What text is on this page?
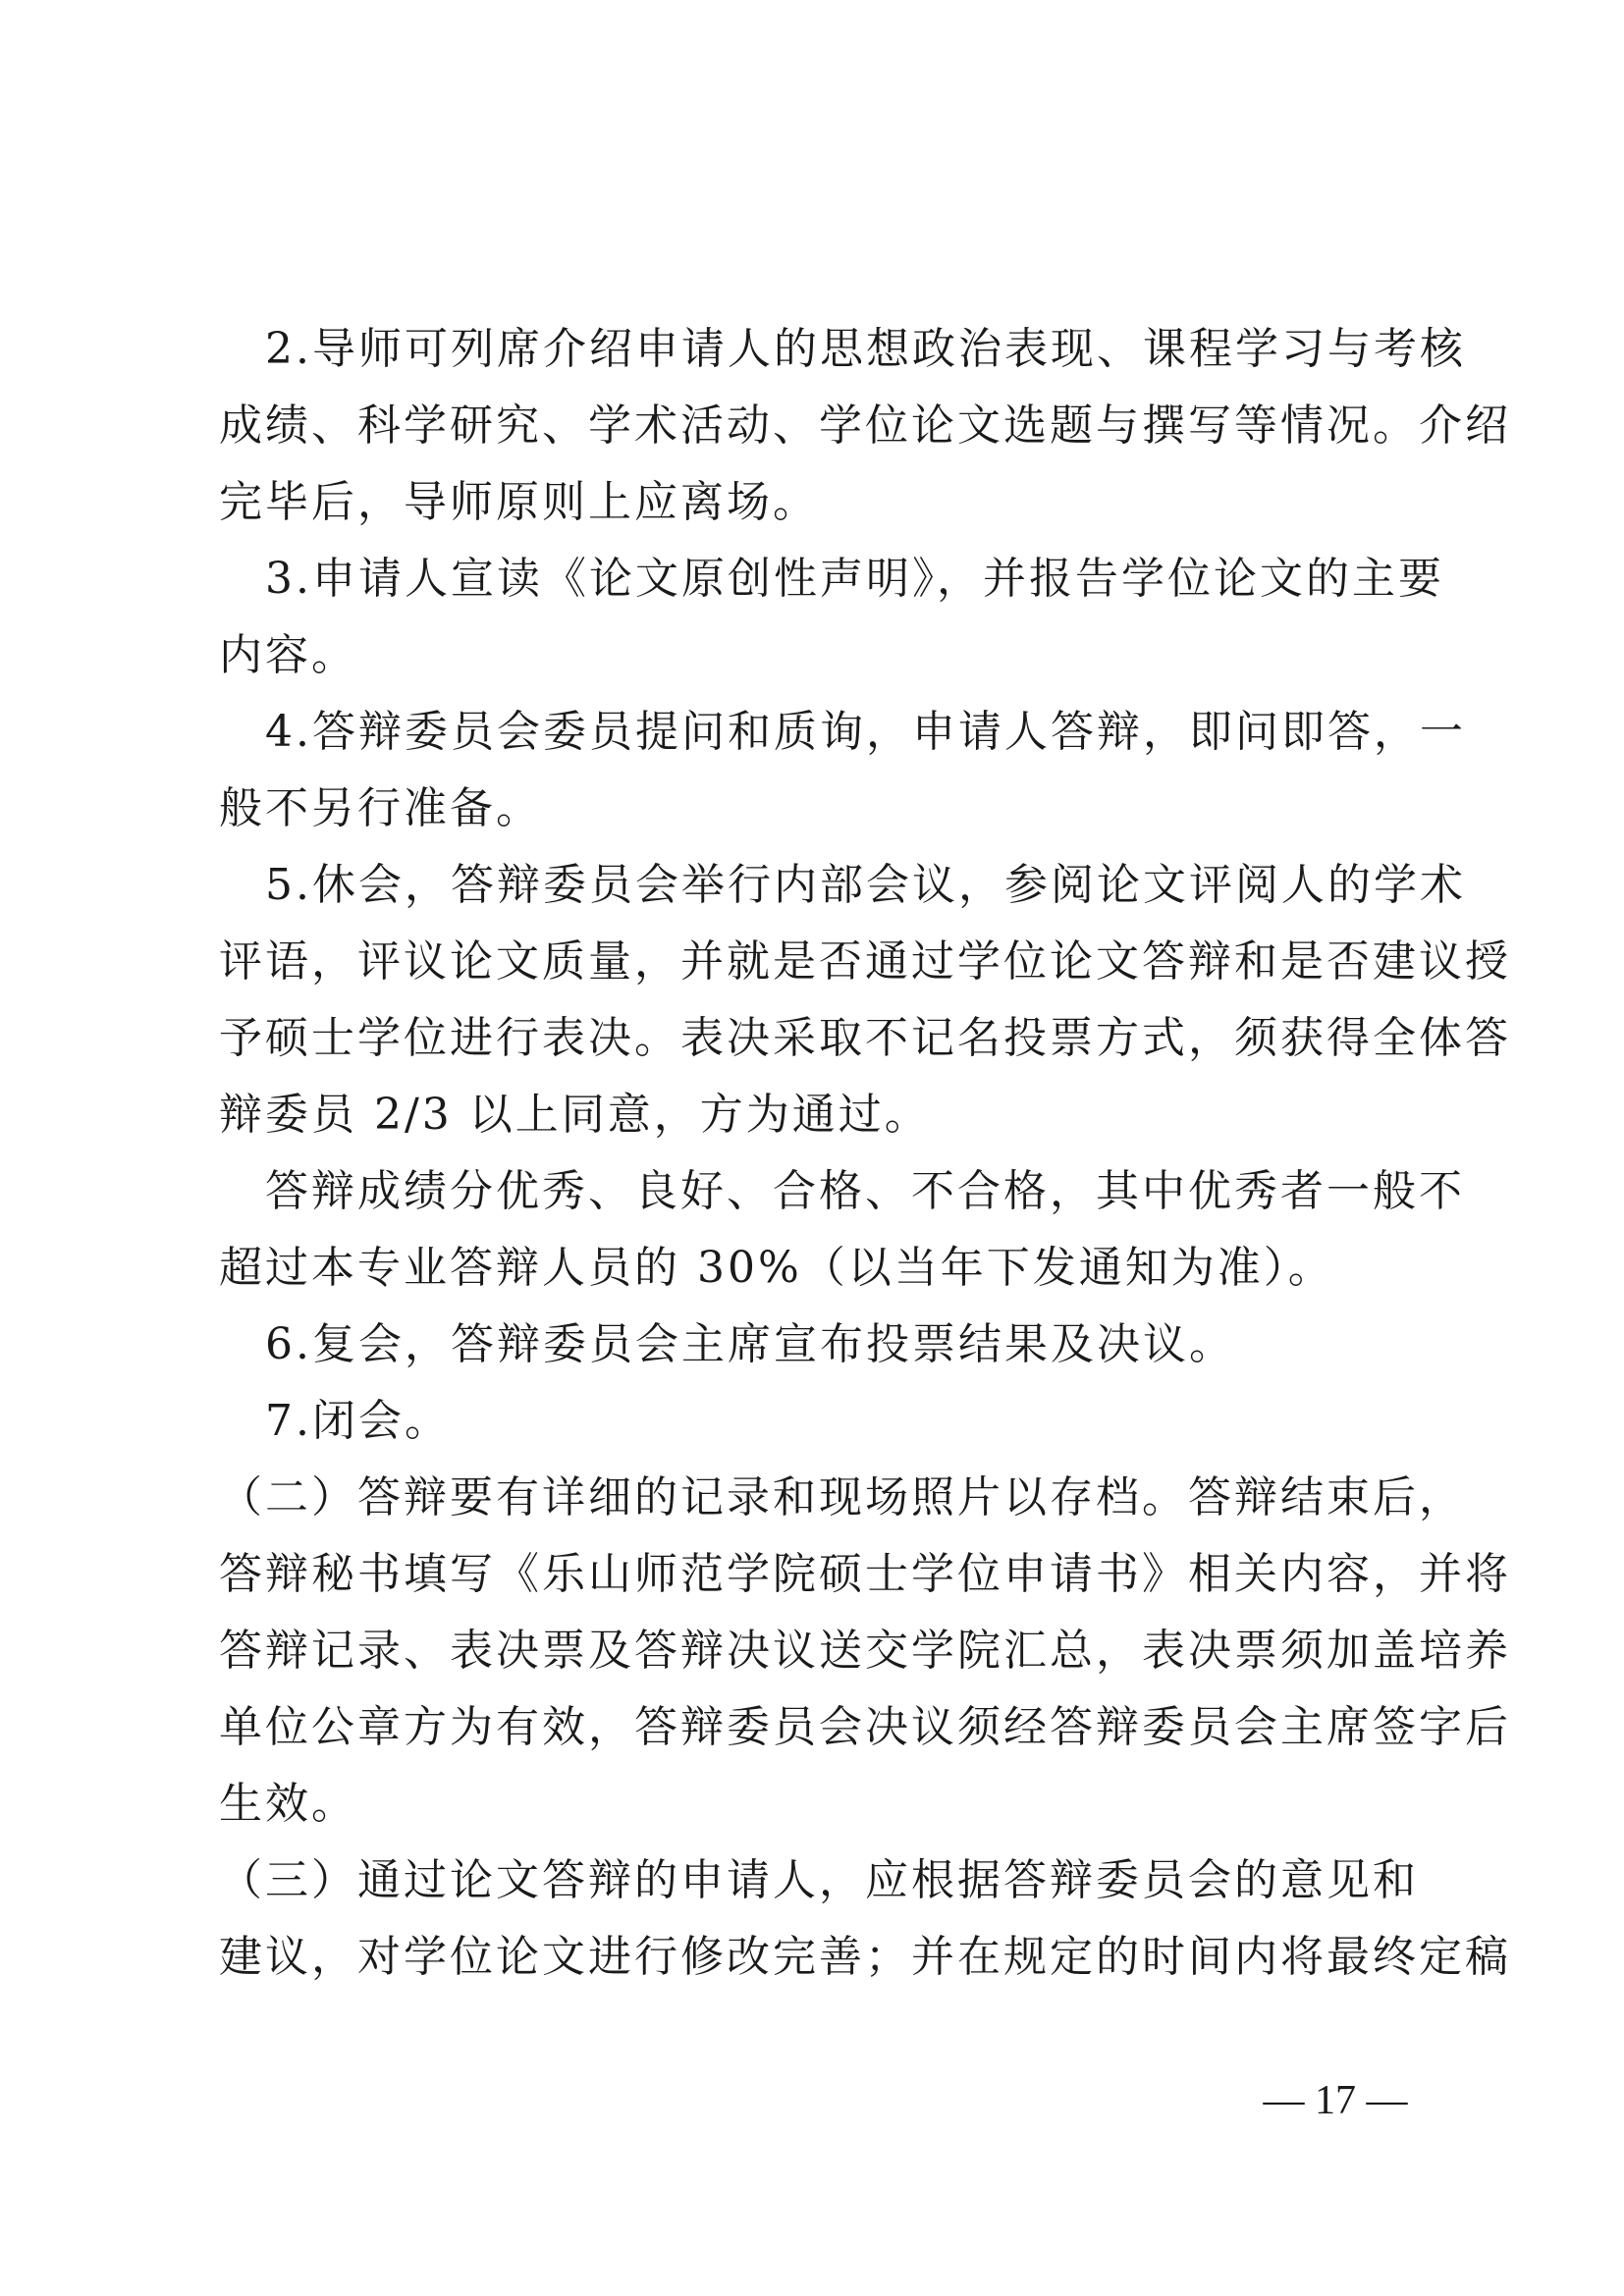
　2.导师可列席介绍申请人的思想政治表现、课程学习与考核
成绩、科学研究、学术活动、学位论文选题与撰写等情况。介绍
完毕后，导师原则上应离场。
　3.申请人宣读《论文原创性声明》，并报告学位论文的主要
内容。
　4.答辩委员会委员提问和质询，申请人答辩，即问即答，一
般不另行准备。
　5.休会，答辩委员会举行内部会议，参阅论文评阅人的学术
评语，评议论文质量，并就是否通过学位论文答辩和是否建议授
予硕士学位进行表决。表决采取不记名投票方式，须获得全体答
辩委员 2/3 以上同意，方为通过。
　答辩成绩分优秀、良好、合格、不合格，其中优秀者一般不
超过本专业答辩人员的 30%（以当年下发通知为准）。
　6.复会，答辩委员会主席宣布投票结果及决议。
　7.闭会。
（二）答辩要有详细的记录和现场照片以存档。答辩结束后，
答辩秘书填写《乐山师范学院硕士学位申请书》相关内容，并将
答辩记录、表决票及答辩决议送交学院汇总，表决票须加盖培养
单位公章方为有效，答辩委员会决议须经答辩委员会主席签字后
生效。
（三）通过论文答辩的申请人，应根据答辩委员会的意见和
建议，对学位论文进行修改完善；并在规定的时间内将最终定稿
— 17 —
